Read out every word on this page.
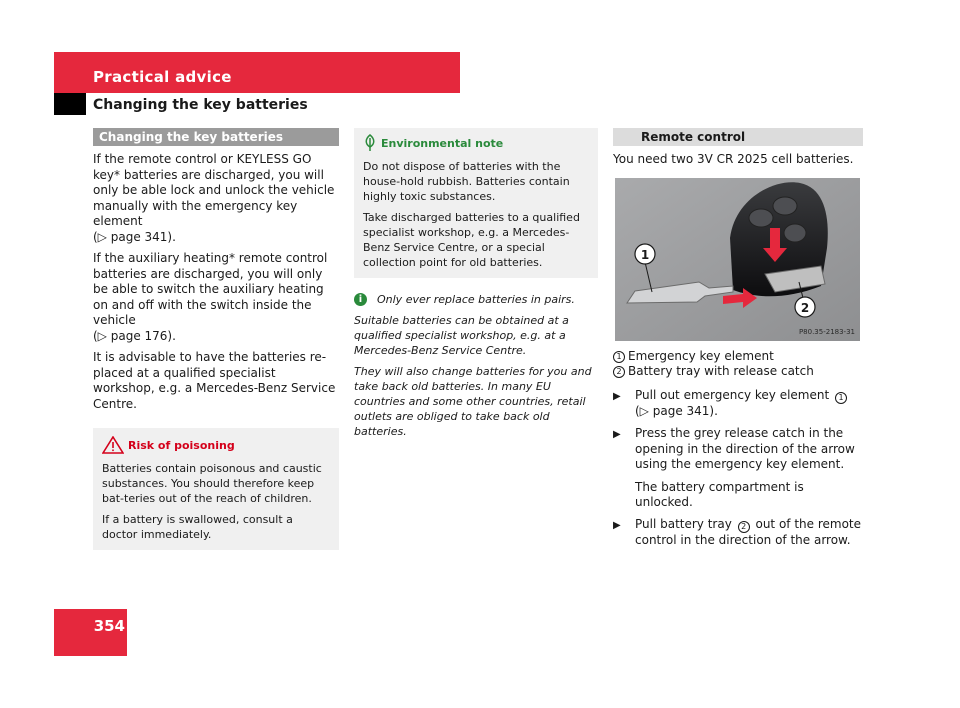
Practical advice
Changing the key batteries
Changing the key batteries

If the remote control or KEYLESS GO key* batteries are discharged, you will only be able lock and unlock the vehicle manually with the emergency key element
(▷ page 341).

If the auxiliary heating* remote control batteries are discharged, you will only be able to switch the auxiliary heating on and off with the switch inside the vehicle
(▷ page 176).

It is advisable to have the batteries re-placed at a qualified specialist workshop, e.g. a Mercedes-Benz Service Centre.

Risk of poisoning

Batteries contain poisonous and caustic substances. You should therefore keep bat-teries out of the reach of children.

If a battery is swallowed, consult a doctor immediately.

Environmental note

Do not dispose of batteries with the house-hold rubbish. Batteries contain highly toxic substances.

Take discharged batteries to a qualified specialist workshop, e.g. a Mercedes-Benz Service Centre, or a special collection point for old batteries.

i	Only ever replace batteries in pairs.

Suitable batteries can be obtained at a qualified specialist workshop, e.g. at a Mercedes-Benz Service Centre.

They will also change batteries for you and take back old batteries. In many EU countries and some other countries, retail outlets are obliged to take back old batteries.

Remote control

You need two 3V CR 2025 cell batteries.

1
2
P80.35-2183-31
1 Emergency key element
2 Battery tray with release catch
▶	Pull out emergency key element 1
(▷ page 341).
▶	Press the grey release catch in the opening in the direction of the arrow using the emergency key element.

The battery compartment is unlocked.

▶	Pull battery tray 2 out of the remote control in the direction of the arrow.
354
